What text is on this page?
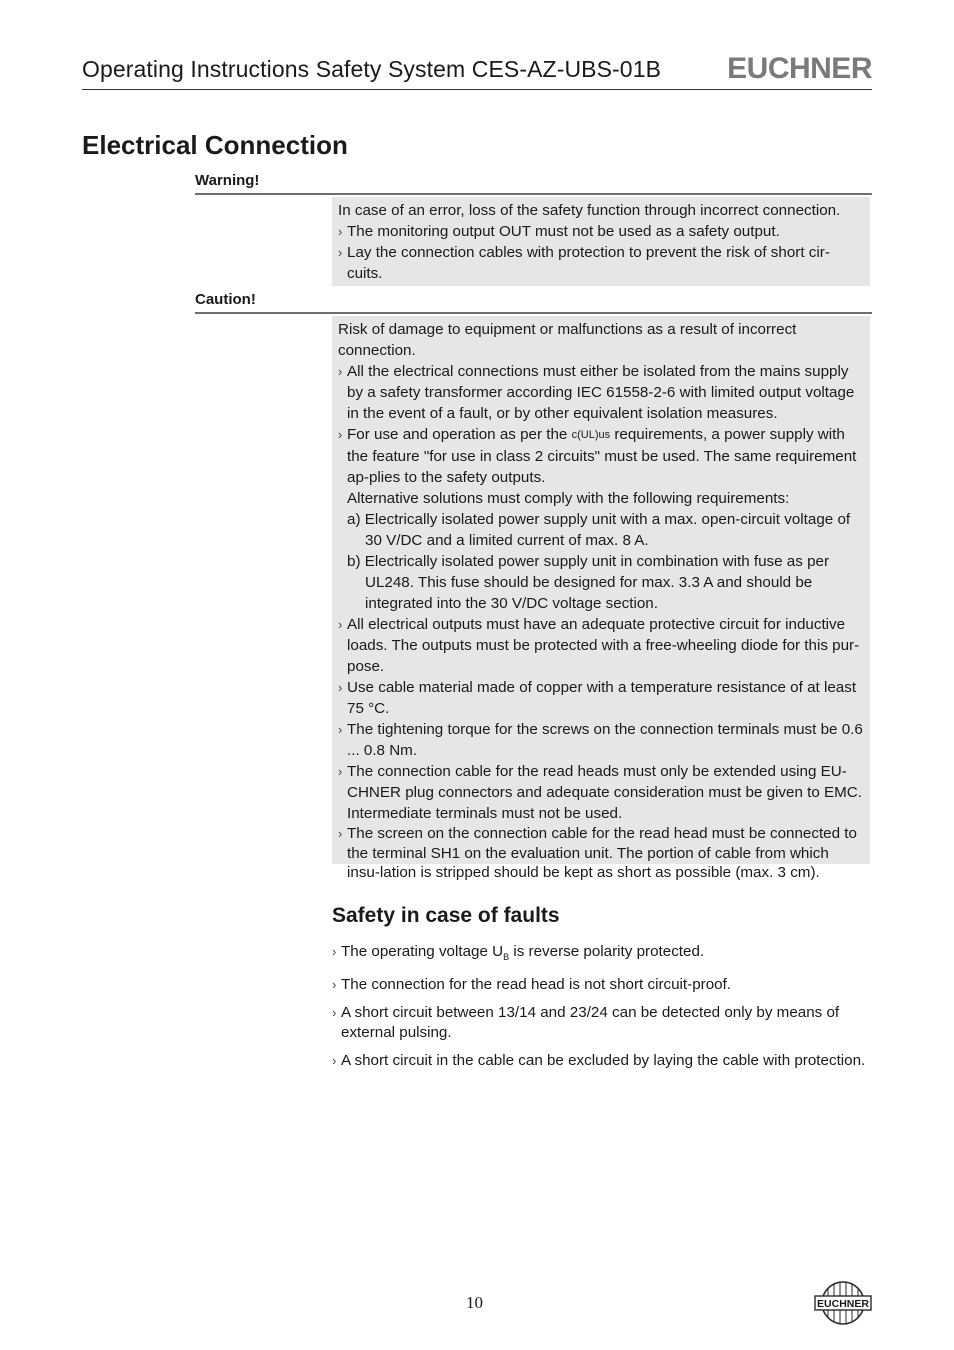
Operating Instructions Safety System CES-AZ-UBS-01B EUCHNER
Electrical Connection
Warning!

In case of an error, loss of the safety function through incorrect connection.

› The monitoring output OUT must not be used as a safety output.

› Lay the connection cables with protection to prevent the risk of short cir-cuits.

Caution!

Risk of damage to equipment or malfunctions as a result of incorrect connection.

› All the electrical connections must either be isolated from the mains supply by a safety transformer according IEC 61558-2-6 with limited output voltage in the event of a fault, or by other equivalent isolation measures.

› For use and operation as per the c(UL)us requirements, a power supply with the feature "for use in class 2 circuits" must be used. The same requirement ap-plies to the safety outputs.

Alternative solutions must comply with the following requirements:

a) Electrically isolated power supply unit with a max. open-circuit voltage of 30 V/DC and a limited current of max. 8 A.

b) Electrically isolated power supply unit in combination with fuse as per UL248. This fuse should be designed for max. 3.3 A and should be integrated into the 30 V/DC voltage section.

› All electrical outputs must have an adequate protective circuit for inductive loads. The outputs must be protected with a free-wheeling diode for this pur-pose.

› Use cable material made of copper with a temperature resistance of at least 75 °C.

› The tightening torque for the screws on the connection terminals must be 0.6 ... 0.8 Nm.

› The connection cable for the read heads must only be extended using EU-CHNER plug connectors and adequate consideration must be given to EMC. Intermediate terminals must not be used.

› The screen on the connection cable for the read head must be connected to the terminal SH1 on the evaluation unit. The portion of cable from which insu-lation is stripped should be kept as short as possible (max. 3 cm).

Safety in case of faults
› The operating voltage $U_B$ is reverse polarity protected.
› The connection for the read head is not short circuit-proof.
› A short circuit between 13/14 and 23/24 can be detected only by means of external pulsing.
› A short circuit in the cable can be excluded by laying the cable with protection.
10	EUCHNER
